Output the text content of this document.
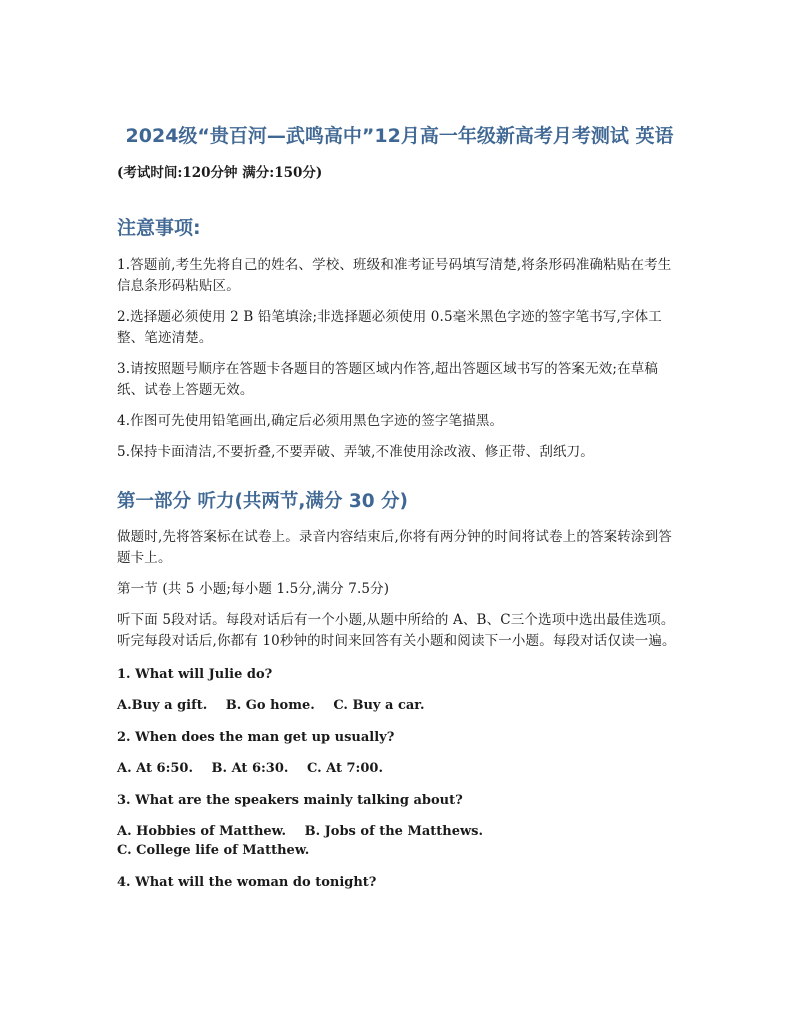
2024级“贵百河—武鸣高中”12月高一年级新高考月考测试 英语

(考试时间:120分钟 满分:150分)

注意事项:

1.答题前,考生先将自己的姓名、学校、班级和准考证号码填写清楚,将条形码准确粘贴在考生信息条形码粘贴区。

2.选择题必须使用 2 B 铅笔填涂;非选择题必须使用 0.5毫米黑色字迹的签字笔书写,字体工整、笔迹清楚。

3.请按照题号顺序在答题卡各题目的答题区域内作答,超出答题区域书写的答案无效;在草稿纸、试卷上答题无效。

4.作图可先使用铅笔画出,确定后必须用黑色字迹的签字笔描黑。

5.保持卡面清洁,不要折叠,不要弄破、弄皱,不准使用涂改液、修正带、刮纸刀。

第一部分 听力(共两节,满分 30 分)

做题时,先将答案标在试卷上。录音内容结束后,你将有两分钟的时间将试卷上的答案转涂到答题卡上。

第一节 (共 5 小题;每小题 1.5分,满分 7.5分)

听下面 5段对话。每段对话后有一个小题,从题中所给的 A、B、C三个选项中选出最佳选项。 听完每段对话后,你都有 10秒钟的时间来回答有关小题和阅读下一小题。每段对话仅读一遍。

1. What will Julie do?

A.Buy a gift. B. Go home. C. Buy a car.

2. When does the man get up usually?

A. At 6:50. B. At 6:30. C. At 7:00.

3. What are the speakers mainly talking about?

A. Hobbies of Matthew. B. Jobs of the Matthews. C. College life of Matthew.

4. What will the woman do tonight?
